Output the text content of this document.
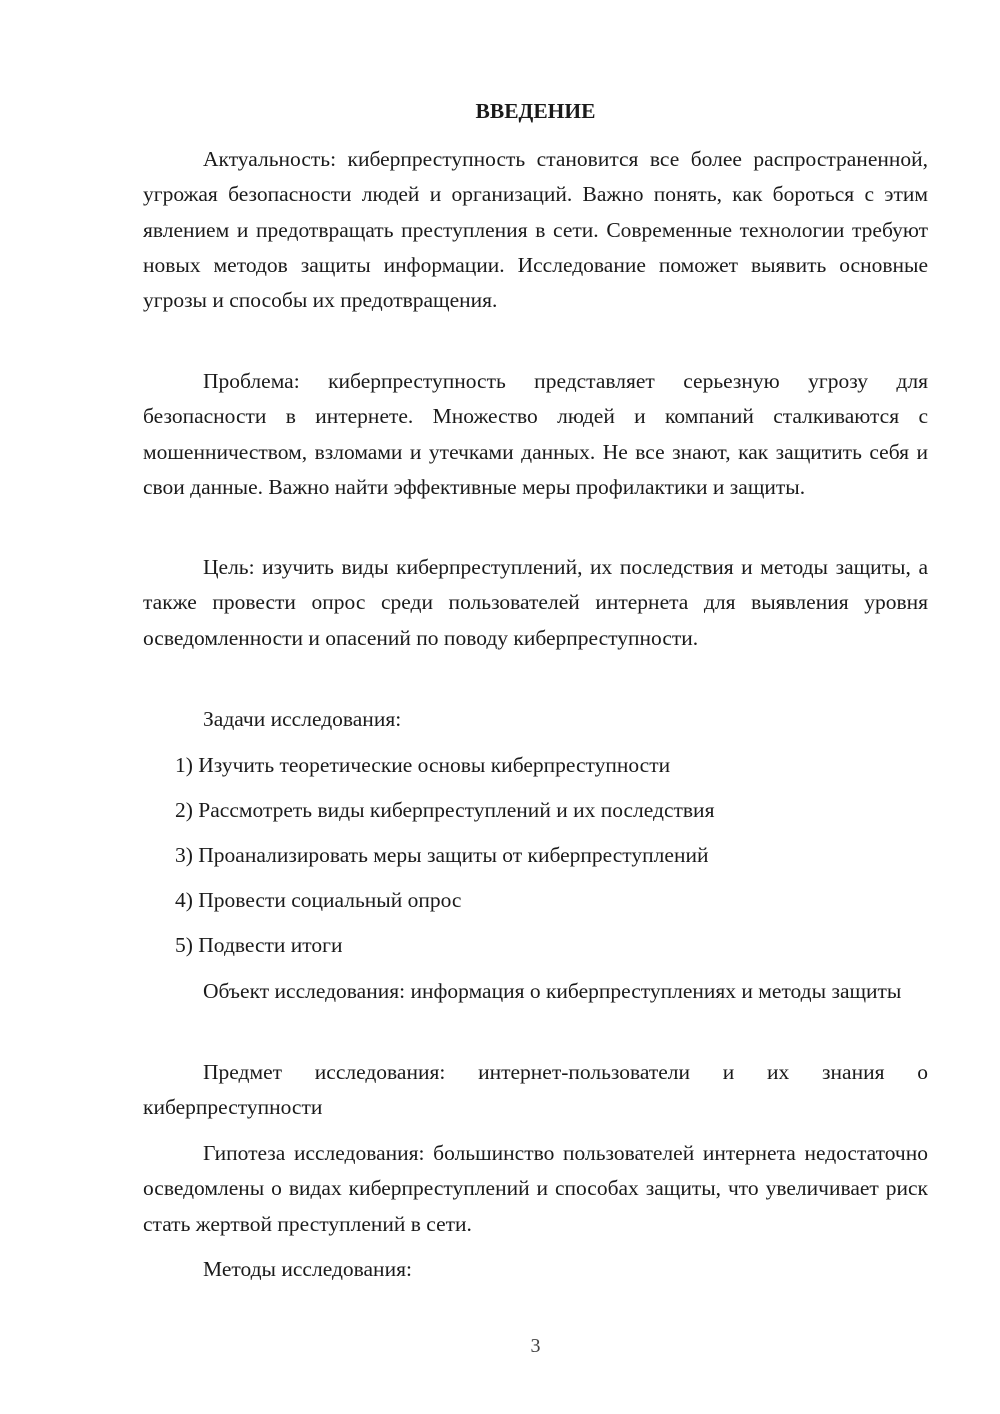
ВВЕДЕНИЕ

Актуальность: киберпреступность становится все более распространенной, угрожая безопасности людей и организаций. Важно понять, как бороться с этим явлением и предотвращать преступления в сети. Современные технологии требуют новых методов защиты информации. Исследование поможет выявить основные угрозы и способы их предотвращения.

Проблема: киберпреступность представляет серьезную угрозу для безопасности в интернете. Множество людей и компаний сталкиваются с мошенничеством, взломами и утечками данных. Не все знают, как защитить себя и свои данные. Важно найти эффективные меры профилактики и защиты.

Цель: изучить виды киберпреступлений, их последствия и методы защиты, а также провести опрос среди пользователей интернета для выявления уровня осведомленности и опасений по поводу киберпреступности.

Задачи исследования:

1) Изучить теоретические основы киберпреступности

2) Рассмотреть виды киберпреступлений и их последствия

3) Проанализировать меры защиты от киберпреступлений

4) Провести социальный опрос

5) Подвести итоги

Объект исследования: информация о киберпреступлениях и методы защиты

Предмет исследования: интернет-пользователи и их знания о киберпреступности

Гипотеза исследования: большинство пользователей интернета недостаточно осведомлены о видах киберпреступлений и способах защиты, что увеличивает риск стать жертвой преступлений в сети.

Методы исследования:

3
